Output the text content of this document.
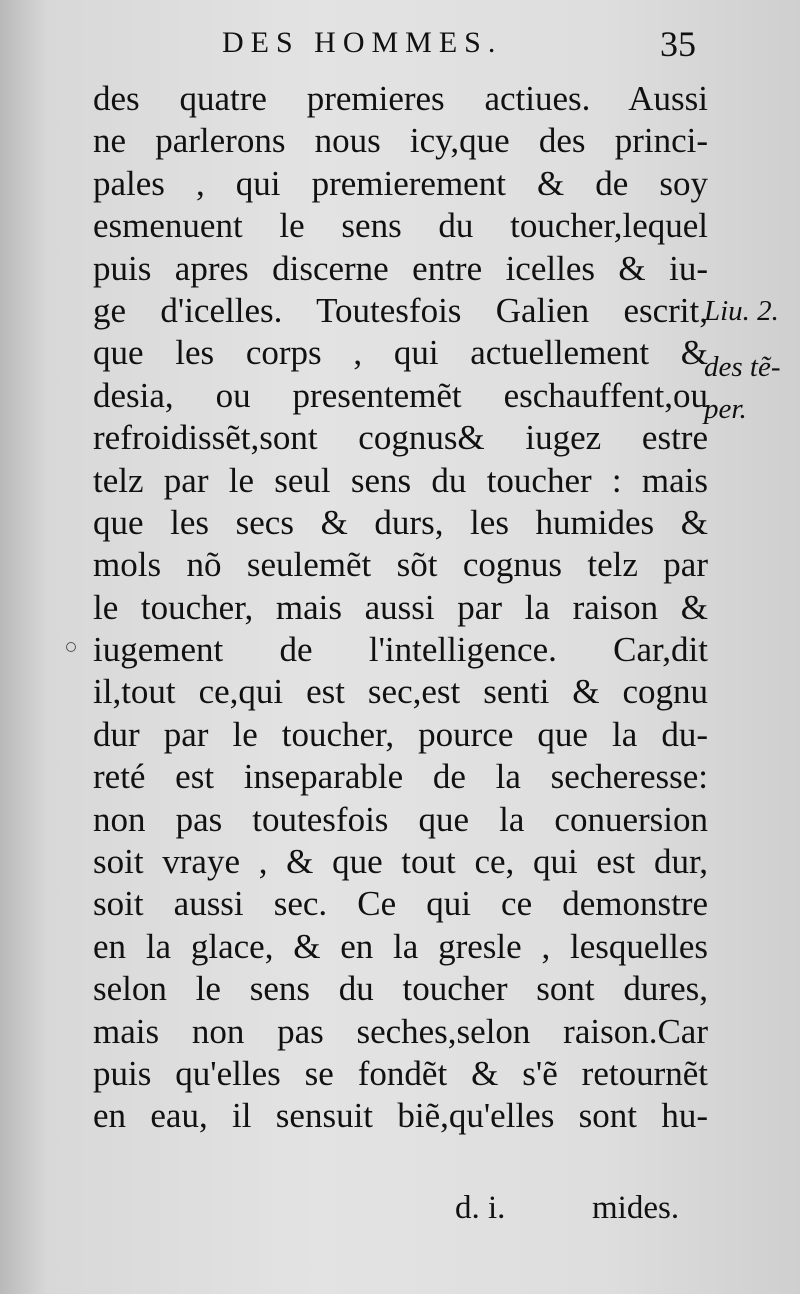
DES HOMMES.	35
des quatre premieres actiues. Aussi
ne parlerons nous icy,que des princi-
pales , qui premierement & de soy
esmenuent le sens du toucher,lequel
puis apres discerne entre icelles & iu-
ge d'icelles. Toutesfois Galien escrit,
que les corps , qui actuellement &
desia, ou presentemẽt eschauffent,ou
refroidissẽt,sont cognus& iugez estre
telz par le seul sens du toucher : mais
que les secs & durs, les humides &
mols nõ seulemẽt sõt cognus telz par
le toucher, mais aussi par la raison &
iugement de l'intelligence. Car,dit
il,tout ce,qui est sec,est senti & cognu
dur par le toucher, pource que la du-
reté est inseparable de la secheresse:
non pas toutesfois que la conuersion
soit vraye , & que tout ce, qui est dur,
soit aussi sec. Ce qui ce demonstre
en la glace, & en la gresle , lesquelles
selon le sens du toucher sont dures,
mais non pas seches,selon raison.Car
puis qu'elles se fondẽt & s'ẽ retournẽt
en eau, il sensuit biẽ,qu'elles sont hu-
Liu. 2.
des tẽ-
per.
d. i.	mides.
